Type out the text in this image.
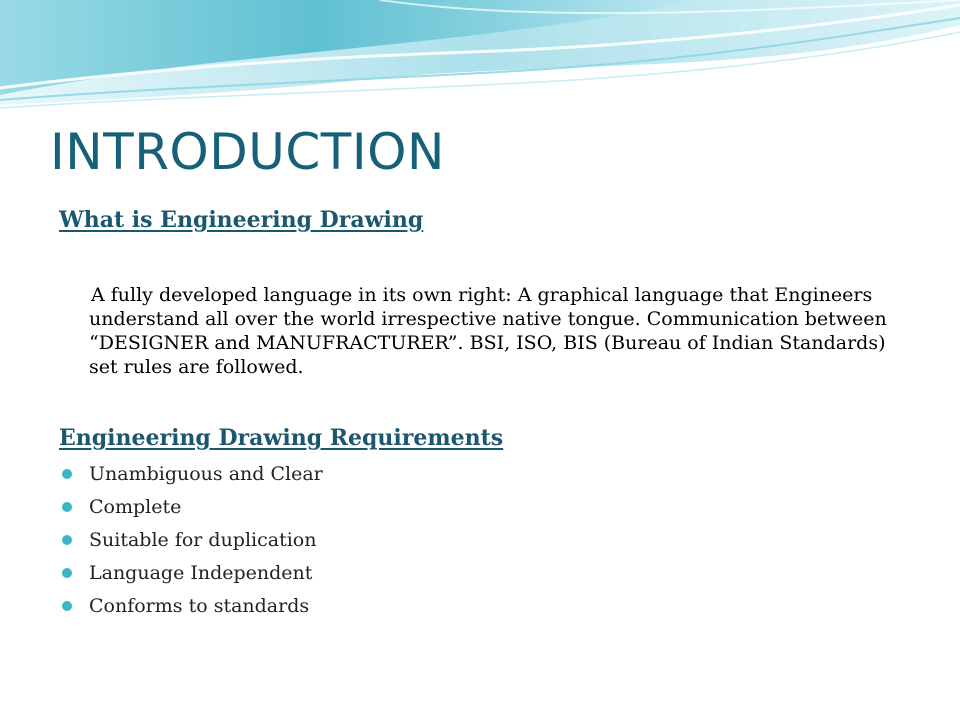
INTRODUCTION
What is Engineering Drawing

A fully developed language in its own right: A graphical language that Engineers understand all over the world irrespective native tongue. Communication between “DESIGNER and MANUFRACTURER”. BSI, ISO, BIS (Bureau of Indian Standards) set rules are followed.

Engineering Drawing Requirements
Unambiguous and Clear
Complete
Suitable for duplication
Language Independent
Conforms to standards
